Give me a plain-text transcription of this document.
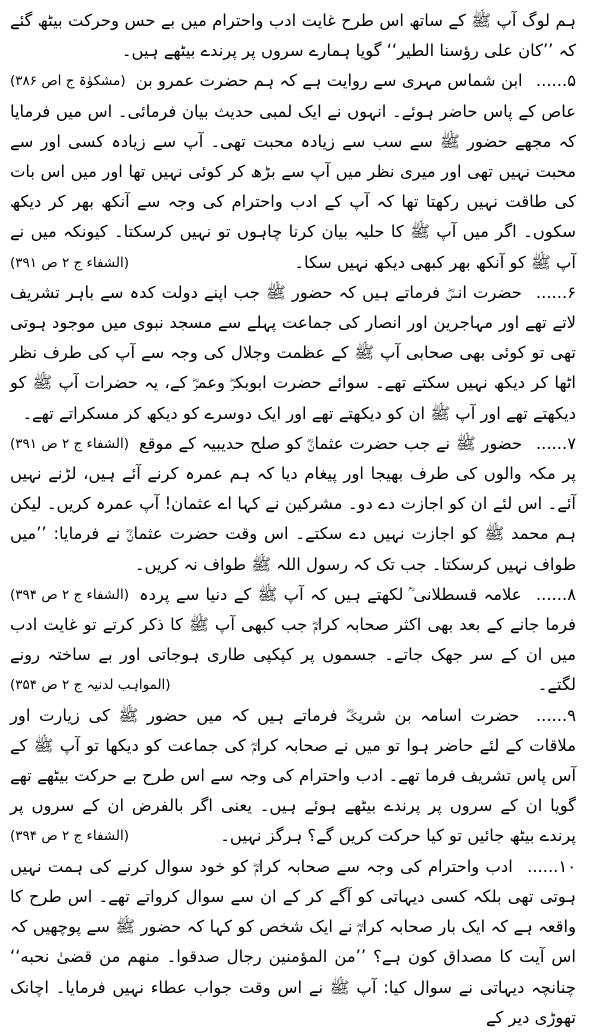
ہم لوگ آپ ﷺ کے ساتھ اس طرح غایت ادب واحترام میں بے حس وحرکت بیٹھ گئے کہ ’’کان علی رؤسنا الطیر‘‘ گویا ہمارے سروں پر پرندے بیٹھے ہیں۔
(مشکوٰۃ ج اص ۳۸۶)	۵...... ابن شماس مہری سے روایت ہے کہ ہم حضرت عمرو بن عاص کے پاس حاضر ہوئے۔ انہوں نے ایک لمبی حدیث بیان فرمائی۔ اس میں فرمایا کہ مجھے حضور ﷺ سے سب سے زیادہ محبت تھی۔ آپ سے زیادہ کسی اور سے محبت نہیں تھی اور میری نظر میں آپ سے بڑھ کر کوئی نہیں تھا اور میں اس بات کی طاقت نہیں رکھتا تھا کہ آپ کے ادب واحترام کی وجہ سے آنکھ بھر کر دیکھ سکوں۔ اگر میں آپ ﷺ کا حلیہ بیان کرنا چاہوں تو نہیں کرسکتا۔ کیونکہ میں نے آپ ﷺ کو آنکھ بھر کبھی دیکھ نہیں سکا۔
(الشفاء ج ۲ ص ۳۹۱)

۶...... حضرت انسؓ فرماتے ہیں کہ حضور ﷺ جب اپنے دولت کدہ سے باہر تشریف لاتے تھے اور مہاجرین اور انصار کی جماعت پہلے سے مسجد نبوی میں موجود ہوتی تھی تو کوئی بھی صحابی آپ ﷺ کے عظمت وجلال کی وجہ سے آپ کی طرف نظر اٹھا کر دیکھ نہیں سکتے تھے۔ سوائے حضرت ابوبکرؓ وعمرؓ کے، یہ حضرات آپ ﷺ کو دیکھتے تھے اور آپ ﷺ ان کو دیکھتے تھے اور ایک دوسرے کو دیکھ کر مسکراتے تھے۔
(الشفاء ج ۲ ص ۳۹۱)	۷...... حضور ﷺ نے جب حضرت عثمانؓ کو صلح حدیبیہ کے موقع پر مکہ والوں کی طرف بھیجا اور پیغام دیا کہ ہم عمرہ کرنے آئے ہیں، لڑنے نہیں آئے۔ اس لئے ان کو اجازت دے دو۔ مشرکین نے کہا اے عثمان! آپ عمرہ کریں۔ لیکن ہم محمد ﷺ کو اجازت نہیں دے سکتے۔ اس وقت حضرت عثمانؓ نے فرمایا: ’’میں طواف نہیں کرسکتا۔ جب تک کہ رسول اللہ ﷺ طواف نہ کریں۔
(الشفاء ج ۲ ص ۳۹۴)	۸...... علامہ قسطلانی ؒ لکھتے ہیں کہ آپ ﷺ کے دنیا سے پردہ فرما جانے کے بعد بھی اکثر صحابہ کرامؓ جب کبھی آپ ﷺ کا ذکر کرتے تو غایت ادب میں ان کے سر جھک جاتے۔ جسموں پر کپکپی طاری ہوجاتی اور بے ساختہ رونے لگتے۔
(المواہب لدنیہ ج ۲ ص ۳۵۴)

۹...... حضرت اسامہ بن شریکؓ فرماتے ہیں کہ میں حضور ﷺ کی زیارت اور ملاقات کے لئے حاضر ہوا تو میں نے صحابہ کرامؓ کی جماعت کو دیکھا تو آپ ﷺ کے آس پاس تشریف فرما تھے۔ ادب واحترام کی وجہ سے اس طرح بے حرکت بیٹھے تھے گویا ان کے سروں پر پرندے بیٹھے ہوئے ہیں۔ یعنی اگر بالفرض ان کے سروں پر پرندے بیٹھ جائیں تو کیا حرکت کریں گے؟ ہرگز نہیں۔
(الشفاء ج ۲ ص ۳۹۴)

۱۰...... ادب واحترام کی وجہ سے صحابہ کرامؓ کو خود سوال کرنے کی ہمت نہیں ہوتی تھی بلکہ کسی دیہاتی کو آگے کر کے ان سے سوال کرواتے تھے۔ اس طرح کا واقعہ ہے کہ ایک بار صحابہ کرامؓ نے ایک شخص کو کہا کہ حضور ﷺ سے پوچھیں کہ اس آیت کا مصداق کون ہے؟ ’’من المؤمنین رجال صدقوا۔ منهم من قضیٰ نحبه‘‘ چنانچہ دیہاتی نے سوال کیا: آپ ﷺ نے اس وقت جواب عطاء نہیں فرمایا۔ اچانک تھوڑی دیر کے
